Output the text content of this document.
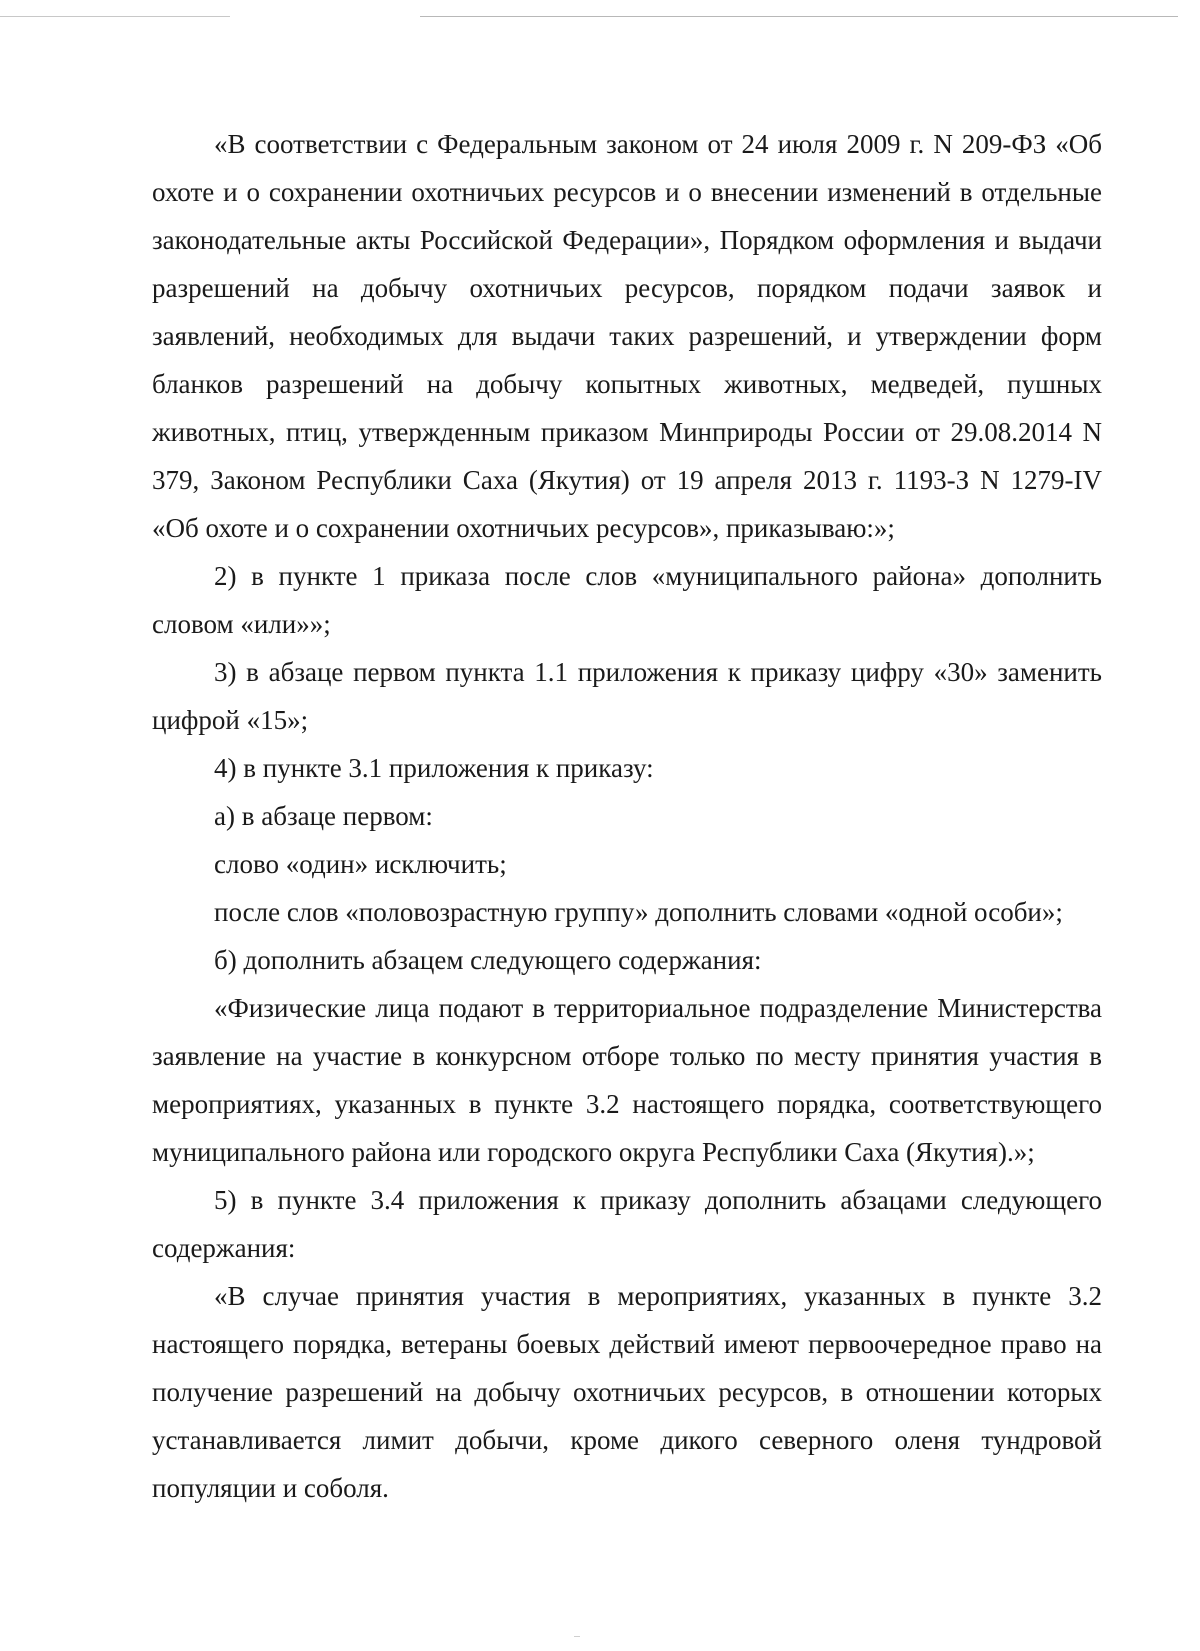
«В соответствии с Федеральным законом от 24 июля 2009 г. N 209-ФЗ «Об охоте и о сохранении охотничьих ресурсов и о внесении изменений в отдельные законодательные акты Российской Федерации», Порядком оформления и выдачи разрешений на добычу охотничьих ресурсов, порядком подачи заявок и заявлений, необходимых для выдачи таких разрешений, и утверждении форм бланков разрешений на добычу копытных животных, медведей, пушных животных, птиц, утвержденным приказом Минприроды России от 29.08.2014 N 379, Законом Республики Саха (Якутия) от 19 апреля 2013 г. 1193-З N 1279-IV «Об охоте и о сохранении охотничьих ресурсов», приказываю:»;

2) в пункте 1 приказа после слов «муниципального района» дополнить словом «или»»;

3) в абзаце первом пункта 1.1 приложения к приказу цифру «30» заменить цифрой «15»;

4) в пункте 3.1 приложения к приказу:

а) в абзаце первом:

слово «один» исключить;

после слов «половозрастную группу» дополнить словами «одной особи»;

б) дополнить абзацем следующего содержания:

«Физические лица подают в территориальное подразделение Министерства заявление на участие в конкурсном отборе только по месту принятия участия в мероприятиях, указанных в пункте 3.2 настоящего порядка, соответствующего муниципального района или городского округа Республики Саха (Якутия).»;

5) в пункте 3.4 приложения к приказу дополнить абзацами следующего содержания:

«В случае принятия участия в мероприятиях, указанных в пункте 3.2 настоящего порядка, ветераны боевых действий имеют первоочередное право на получение разрешений на добычу охотничьих ресурсов, в отношении которых устанавливается лимит добычи, кроме дикого северного оленя тундровой популяции и соболя.
